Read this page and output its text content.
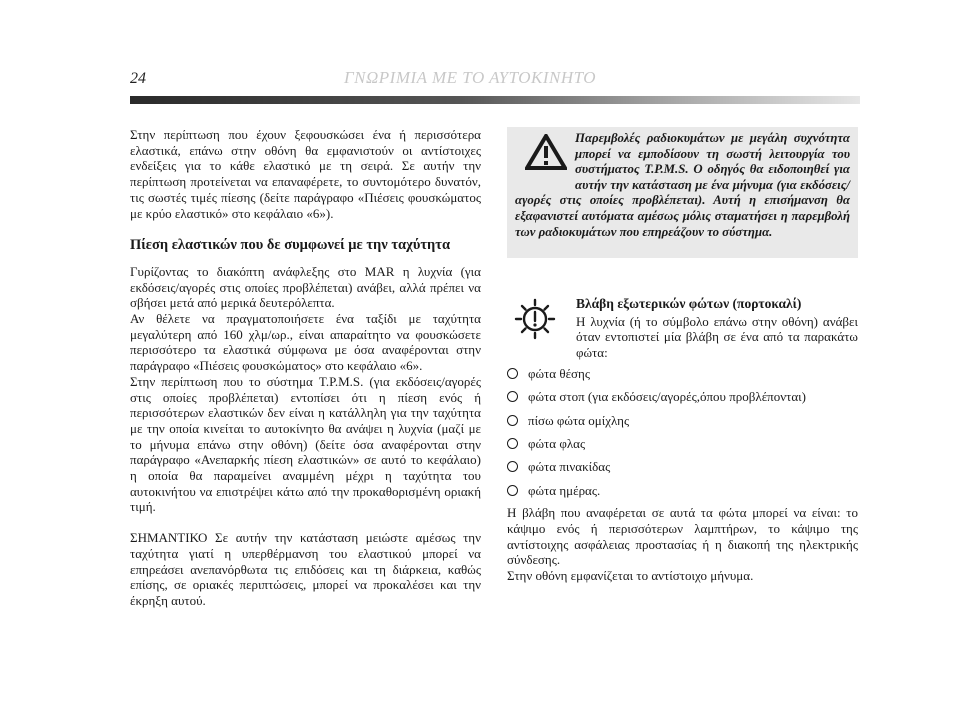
24	ΓΝΩΡΙΜΙΑ ΜΕ ΤΟ ΑΥΤΟΚΙΝΗΤΟ

Στην περίπτωση που έχουν ξεφουσκώσει ένα ή περισσότερα ελαστικά, επάνω στην οθόνη θα εμφανιστούν οι αντίστοιχες ενδείξεις για το κάθε ελαστικό με τη σειρά. Σε αυτήν την περίπτωση προτείνεται να επαναφέρετε, το συντομότερο δυνατόν, τις σωστές τιμές πίεσης (δείτε παράγραφο «Πιέσεις φουσκώματος με κρύο ελαστικό» στο κεφάλαιο «6»).

Πίεση ελαστικών που δε συμφωνεί με την ταχύτητα

Γυρίζοντας το διακόπτη ανάφλεξης στο MAR η λυχνία (για εκδόσεις/αγορές στις οποίες προβλέπεται) ανάβει, αλλά πρέπει να σβήσει μετά από μερικά δευτερόλεπτα.

Αν θέλετε να πραγματοποιήσετε ένα ταξίδι με ταχύτητα μεγαλύτερη από 160 χλμ/ωρ., είναι απαραίτητο να φουσκώσετε περισσότερο τα ελαστικά σύμφωνα με όσα αναφέρονται στην παράγραφο «Πιέσεις φουσκώματος» στο κεφάλαιο «6».

Στην περίπτωση που το σύστημα T.P.M.S. (για εκδόσεις/αγορές στις οποίες προβλέπεται) εντοπίσει ότι η πίεση ενός ή περισσότερων ελαστικών δεν είναι η κατάλληλη για την ταχύτητα με την οποία κινείται το αυτοκίνητο θα ανάψει η λυχνία (μαζί με το μήνυμα επάνω στην οθόνη) (δείτε όσα αναφέρονται στην παράγραφο «Ανεπαρκής πίεση ελαστικών» σε αυτό το κεφάλαιο) η οποία θα παραμείνει αναμμένη μέχρι η ταχύτητα του αυτοκινήτου να επιστρέψει κάτω από την προκαθορισμένη οριακή τιμή.

ΣΗΜΑΝΤΙΚΟ Σε αυτήν την κατάσταση μειώστε αμέσως την ταχύτητα γιατί η υπερθέρμανση του ελαστικού μπορεί να επηρεάσει ανεπανόρθωτα τις επιδόσεις και τη διάρκεια, καθώς επίσης, σε οριακές περιπτώσεις, μπορεί να προκαλέσει και την έκρηξη αυτού.

Παρεμβολές ραδιοκυμάτων με μεγάλη συχνότητα μπορεί να εμποδίσουν τη σωστή λειτουργία του συστήματος T.P.M.S. Ο οδηγός θα ειδοποιηθεί για αυτήν την κατάσταση με ένα μήνυμα (για εκδόσεις/αγορές στις οποίες προβλέπεται). Αυτή η επισήμανση θα εξαφανιστεί αυτόματα αμέσως μόλις σταματήσει η παρεμβολή των ραδιοκυμάτων που επηρεάζουν το σύστημα.

Βλάβη εξωτερικών φώτων (πορτοκαλί)

Η λυχνία (ή το σύμβολο επάνω στην οθόνη) ανάβει όταν εντοπιστεί μία βλάβη σε ένα από τα παρακάτω φώτα:

φώτα θέσης
φώτα στοπ (για εκδόσεις/αγορές,όπου προβλέπονται)
πίσω φώτα ομίχλης
φώτα φλας
φώτα πινακίδας
φώτα ημέρας.

Η βλάβη που αναφέρεται σε αυτά τα φώτα μπορεί να είναι: το κάψιμο ενός ή περισσότερων λαμπτήρων, το κάψιμο της αντίστοιχης ασφάλειας προστασίας ή η διακοπή της ηλεκτρικής σύνδεσης.

Στην οθόνη εμφανίζεται το αντίστοιχο μήνυμα.
